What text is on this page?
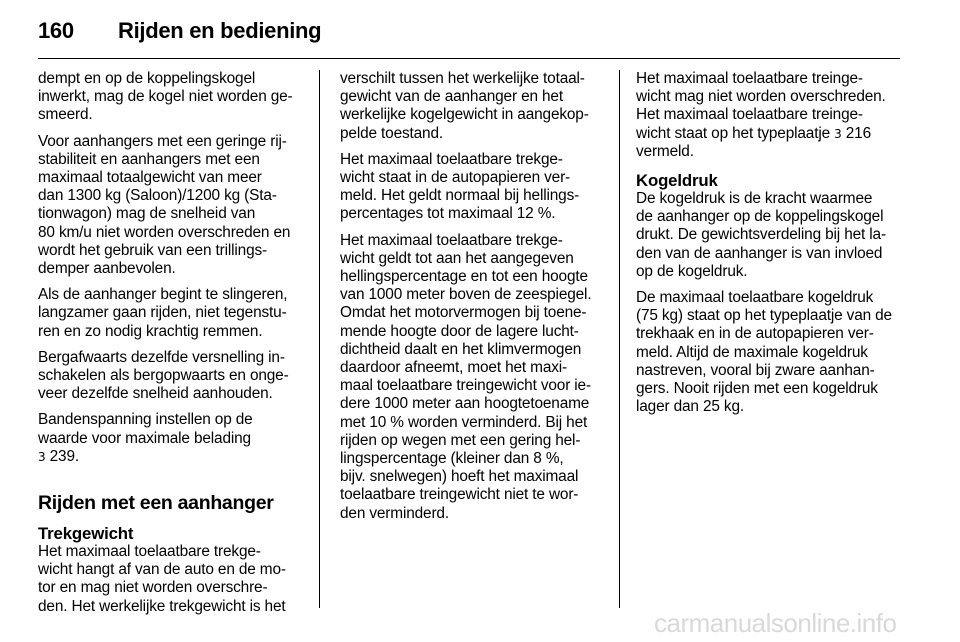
160 Rijden en bediening

dempt en op de koppelingskogel
inwerkt, mag de kogel niet worden ge-
smeerd.

Voor aanhangers met een geringe rij-
stabiliteit en aanhangers met een
maximaal totaalgewicht van meer
dan 1300 kg (Saloon)/1200 kg (Sta-
tionwagon) mag de snelheid van
80 km/u niet worden overschreden en
wordt het gebruik van een trillings-
demper aanbevolen.

Als de aanhanger begint te slingeren,
langzamer gaan rijden, niet tegenstu-
ren en zo nodig krachtig remmen.

Bergafwaarts dezelfde versnelling in-
schakelen als bergopwaarts en onge-
veer dezelfde snelheid aanhouden.

Bandenspanning instellen op de
waarde voor maximale belading
3 239.

Rijden met een aanhanger
Trekgewicht

Het maximaal toelaatbare trekge-
wicht hangt af van de auto en de mo-
tor en mag niet worden overschre-
den. Het werkelijke trekgewicht is het

verschilt tussen het werkelijke totaal-
gewicht van de aanhanger en het
werkelijke kogelgewicht in aangekop-
pelde toestand.

Het maximaal toelaatbare trekge-
wicht staat in de autopapieren ver-
meld. Het geldt normaal bij hellings-
percentages tot maximaal 12 %.

Het maximaal toelaatbare trekge-
wicht geldt tot aan het aangegeven
hellingspercentage en tot een hoogte
van 1000 meter boven de zeespiegel.
Omdat het motorvermogen bij toene-
mende hoogte door de lagere lucht-
dichtheid daalt en het klimvermogen
daardoor afneemt, moet het maxi-
maal toelaatbare treingewicht voor ie-
dere 1000 meter aan hoogtetoename
met 10 % worden verminderd. Bij het
rijden op wegen met een gering hel-
lingspercentage (kleiner dan 8 %,
bijv. snelwegen) hoeft het maximaal
toelaatbare treingewicht niet te wor-
den verminderd.

Het maximaal toelaatbare treinge-
wicht mag niet worden overschreden.
Het maximaal toelaatbare treinge-
wicht staat op het typeplaatje 3 216
vermeld.

Kogeldruk

De kogeldruk is de kracht waarmee
de aanhanger op de koppelingskogel
drukt. De gewichtsverdeling bij het la-
den van de aanhanger is van invloed
op de kogeldruk.

De maximaal toelaatbare kogeldruk
(75 kg) staat op het typeplaatje van de
trekhaak en in de autopapieren ver-
meld. Altijd de maximale kogeldruk
nastreven, vooral bij zware aanhan-
gers. Nooit rijden met een kogeldruk
lager dan 25 kg.

carmanualsonline.info
